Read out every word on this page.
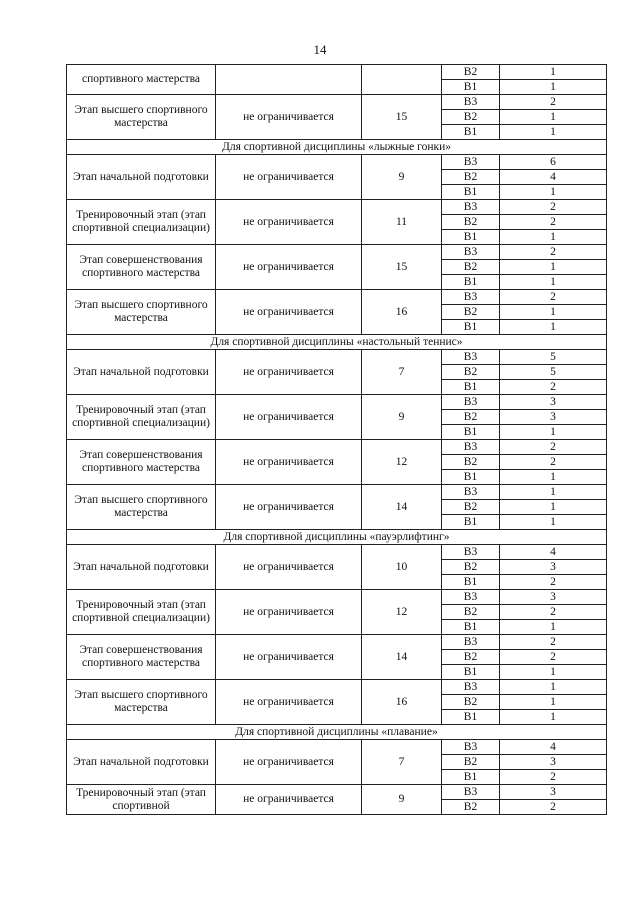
14
спортивного мастерства			В2	1
			В1	1
Этап высшего спортивного мастерства	не ограничивается	15	В3	2
			В2	1
			В1	1
Для спортивной дисциплины «лыжные гонки»				
Этап начальной подготовки	не ограничивается	9	В3	6
			В2	4
			В1	1
Тренировочный этап (этап спортивной специализации)	не ограничивается	11	В3	2
			В2	2
			В1	1
Этап совершенствования спортивного мастерства	не ограничивается	15	В3	2
			В2	1
			В1	1
Этап высшего спортивного мастерства	не ограничивается	16	В3	2
			В2	1
			В1	1
Для спортивной дисциплины «настольный теннис»				
Этап начальной подготовки	не ограничивается	7	В3	5
			В2	5
			В1	2
Тренировочный этап (этап спортивной специализации)	не ограничивается	9	В3	3
			В2	3
			В1	1
Этап совершенствования спортивного мастерства	не ограничивается	12	В3	2
			В2	2
			В1	1
Этап высшего спортивного мастерства	не ограничивается	14	В3	1
			В2	1
			В1	1
Для спортивной дисциплины «пауэрлифтинг»				
Этап начальной подготовки	не ограничивается	10	В3	4
			В2	3
			В1	2
Тренировочный этап (этап спортивной специализации)	не ограничивается	12	В3	3
			В2	2
			В1	1
Этап совершенствования спортивного мастерства	не ограничивается	14	В3	2
			В2	2
			В1	1
Этап высшего спортивного мастерства	не ограничивается	16	В3	1
			В2	1
			В1	1
Для спортивной дисциплины «плавание»				
Этап начальной подготовки	не ограничивается	7	В3	4
			В2	3
			В1	2
Тренировочный этап (этап спортивной	не ограничивается	9	В3	3
			В2	2
